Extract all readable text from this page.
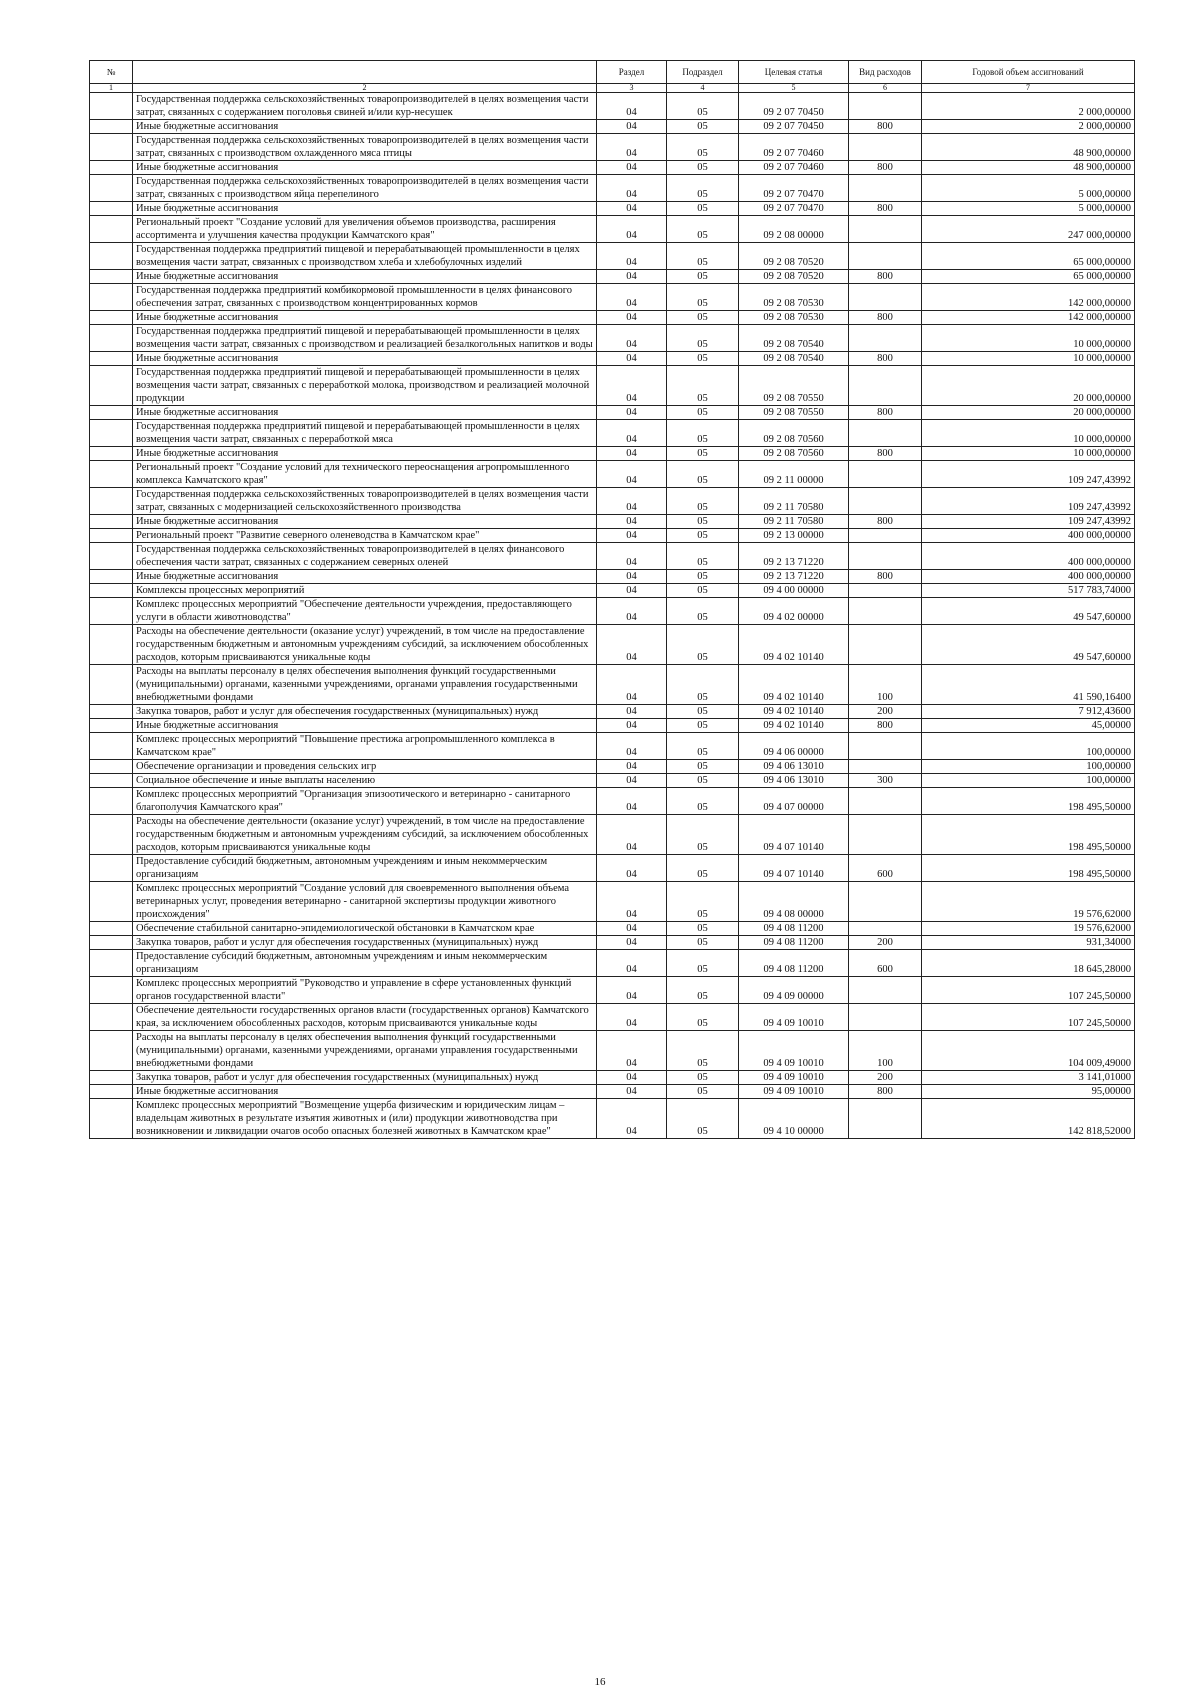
№		Раздел	Подраздел	Целевая статья	Вид расходов	Годовой объем ассигнований
1	2	3	4	5	6	7
	Государственная поддержка сельскохозяйственных товаропроизводителей в целях возмещения части затрат, связанных с содержанием поголовья свиней и/или кур-несушек	04	05	09 2 07 70450		2 000,00000
	Иные бюджетные ассигнования	04	05	09 2 07 70450	800	2 000,00000
	Государственная поддержка сельскохозяйственных товаропроизводителей в целях возмещения части затрат, связанных с производством охлажденного мяса птицы	04	05	09 2 07 70460		48 900,00000
	Иные бюджетные ассигнования	04	05	09 2 07 70460	800	48 900,00000
	Государственная поддержка сельскохозяйственных товаропроизводителей в целях возмещения части затрат, связанных с производством яйца перепелиного	04	05	09 2 07 70470		5 000,00000
	Иные бюджетные ассигнования	04	05	09 2 07 70470	800	5 000,00000
	Региональный проект "Создание условий для увеличения объемов производства, расширения ассортимента и улучшения качества продукции Камчатского края"	04	05	09 2 08 00000		247 000,00000
	Государственная поддержка предприятий пищевой и перерабатывающей промышленности в целях возмещения части затрат, связанных с производством хлеба и хлебобулочных изделий	04	05	09 2 08 70520		65 000,00000
	Иные бюджетные ассигнования	04	05	09 2 08 70520	800	65 000,00000
	Государственная поддержка предприятий комбикормовой промышленности в целях финансового обеспечения затрат, связанных с производством концентрированных кормов	04	05	09 2 08 70530		142 000,00000
	Иные бюджетные ассигнования	04	05	09 2 08 70530	800	142 000,00000
	Государственная поддержка предприятий пищевой и перерабатывающей промышленности в целях возмещения части затрат, связанных с производством и реализацией безалкогольных напитков и воды	04	05	09 2 08 70540		10 000,00000
	Иные бюджетные ассигнования	04	05	09 2 08 70540	800	10 000,00000
	Государственная поддержка предприятий пищевой и перерабатывающей промышленности в целях возмещения части затрат, связанных с переработкой молока, производством и реализацией молочной продукции	04	05	09 2 08 70550		20 000,00000
	Иные бюджетные ассигнования	04	05	09 2 08 70550	800	20 000,00000
	Государственная поддержка предприятий пищевой и перерабатывающей промышленности в целях возмещения части затрат, связанных с переработкой мяса	04	05	09 2 08 70560		10 000,00000
	Иные бюджетные ассигнования	04	05	09 2 08 70560	800	10 000,00000
	Региональный проект "Создание условий для технического переоснащения агропромышленного комплекса Камчатского края"	04	05	09 2 11 00000		109 247,43992
	Государственная поддержка сельскохозяйственных товаропроизводителей в целях возмещения части затрат, связанных с модернизацией сельскохозяйственного производства	04	05	09 2 11 70580		109 247,43992
	Иные бюджетные ассигнования	04	05	09 2 11 70580	800	109 247,43992
	Региональный проект "Развитие северного оленеводства в Камчатском крае"	04	05	09 2 13 00000		400 000,00000
	Государственная поддержка сельскохозяйственных товаропроизводителей в целях финансового обеспечения части затрат, связанных с содержанием северных оленей	04	05	09 2 13 71220		400 000,00000
	Иные бюджетные ассигнования	04	05	09 2 13 71220	800	400 000,00000
	Комплексы процессных мероприятий	04	05	09 4 00 00000		517 783,74000
	Комплекс процессных мероприятий "Обеспечение деятельности учреждения, предоставляющего услуги в области животноводства"	04	05	09 4 02 00000		49 547,60000
	Расходы на обеспечение деятельности (оказание услуг) учреждений, в том числе на предоставление государственным бюджетным и автономным учреждениям субсидий, за исключением обособленных расходов, которым присваиваются уникальные коды	04	05	09 4 02 10140		49 547,60000
	Расходы на выплаты персоналу в целях обеспечения выполнения функций государственными (муниципальными) органами, казенными учреждениями, органами управления государственными внебюджетными фондами	04	05	09 4 02 10140	100	41 590,16400
	Закупка товаров, работ и услуг для обеспечения государственных (муниципальных) нужд	04	05	09 4 02 10140	200	7 912,43600
	Иные бюджетные ассигнования	04	05	09 4 02 10140	800	45,00000
	Комплекс процессных мероприятий "Повышение престижа агропромышленного комплекса в Камчатском крае"	04	05	09 4 06 00000		100,00000
	Обеспечение организации и проведения сельских игр	04	05	09 4 06 13010		100,00000
	Социальное обеспечение и иные выплаты населению	04	05	09 4 06 13010	300	100,00000
	Комплекс процессных мероприятий "Организация эпизоотического и ветеринарно - санитарного благополучия Камчатского края"	04	05	09 4 07 00000		198 495,50000
	Расходы на обеспечение деятельности (оказание услуг) учреждений, в том числе на предоставление государственным бюджетным и автономным учреждениям субсидий, за исключением обособленных расходов, которым присваиваются уникальные коды	04	05	09 4 07 10140		198 495,50000
	Предоставление субсидий бюджетным, автономным учреждениям и иным некоммерческим организациям	04	05	09 4 07 10140	600	198 495,50000
	Комплекс процессных мероприятий "Создание условий для своевременного выполнения объема ветеринарных услуг, проведения ветеринарно - санитарной экспертизы продукции животного происхождения"	04	05	09 4 08 00000		19 576,62000
	Обеспечение стабильной санитарно-эпидемиологической обстановки в Камчатском крае	04	05	09 4 08 11200		19 576,62000
	Закупка товаров, работ и услуг для обеспечения государственных (муниципальных) нужд	04	05	09 4 08 11200	200	931,34000
	Предоставление субсидий бюджетным, автономным учреждениям и иным некоммерческим организациям	04	05	09 4 08 11200	600	18 645,28000
	Комплекс процессных мероприятий "Руководство и управление в сфере установленных функций органов государственной власти"	04	05	09 4 09 00000		107 245,50000
	Обеспечение деятельности государственных органов власти (государственных органов) Камчатского края, за исключением обособленных расходов, которым присваиваются уникальные коды	04	05	09 4 09 10010		107 245,50000
	Расходы на выплаты персоналу в целях обеспечения выполнения функций государственными (муниципальными) органами, казенными учреждениями, органами управления государственными внебюджетными фондами	04	05	09 4 09 10010	100	104 009,49000
	Закупка товаров, работ и услуг для обеспечения государственных (муниципальных) нужд	04	05	09 4 09 10010	200	3 141,01000
	Иные бюджетные ассигнования	04	05	09 4 09 10010	800	95,00000
	Комплекс процессных мероприятий "Возмещение ущерба физическим и юридическим лицам – владельцам животных в результате изъятия животных и (или) продукции животноводства при возникновении и ликвидации очагов особо опасных болезней животных в Камчатском крае"	04	05	09 4 10 00000		142 818,52000
16
